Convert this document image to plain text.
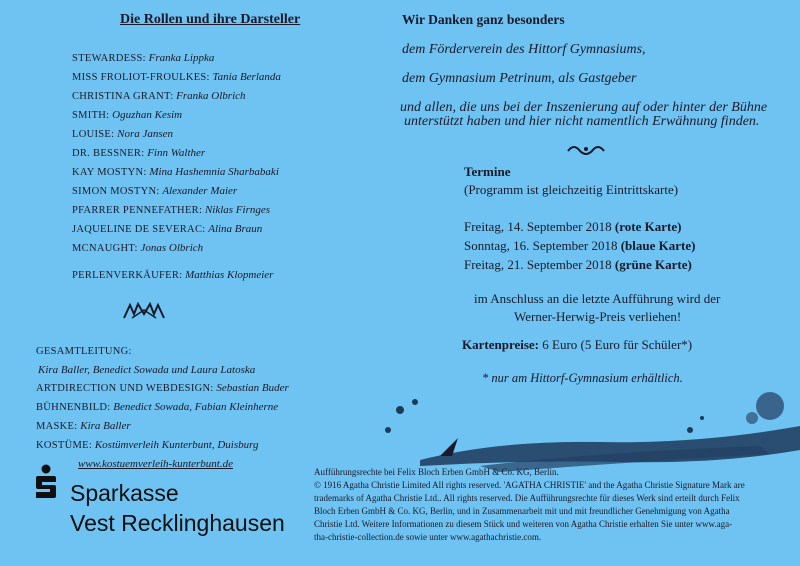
Die Rollen und ihre Darsteller
STEWARDESS: Franka Lippka
MISS FROLIOT-FROULKES: Tania Berlanda
CHRISTINA GRANT: Franka Olbrich
SMITH: Oguzhan Kesim
LOUISE: Nora Jansen
DR. BESSNER: Finn Walther
KAY MOSTYN: Mina Hashemnia Sharbabaki
SIMON MOSTYN: Alexander Maier
PFARRER PENNEFATHER: Niklas Firnges
JAQUELINE DE SEVERAC: Alina Braun
MCNAUGHT: Jonas Olbrich
PERLENVERKÄUFER: Matthias Klopmeier
GESAMTLEITUNG:
Kira Baller, Benedict Sowada und Laura Latoska
ARTDIRECTION UND WEBDESIGN: Sebastian Buder
BÜHNENBILD: Benedict Sowada, Fabian Kleinherne
MASKE: Kira Baller
KOSTÜME: Kostümverleih Kunterbunt, Duisburg
www.kostuemverleih-kunterbunt.de
Sparkasse
Vest Recklinghausen
Wir Danken ganz besonders
dem Förderverein des Hittorf Gymnasiums,
dem Gymnasium Petrinum, als Gastgeber
und allen, die uns bei der Inszenierung auf oder hinter der Bühne
unterstützt haben und hier nicht namentlich Erwähnung finden.
Termine
(Programm ist gleichzeitig Eintrittskarte)
Freitag, 14. September 2018 (rote Karte)
Sonntag, 16. September 2018 (blaue Karte)
Freitag, 21. September 2018 (grüne Karte)
im Anschluss an die letzte Aufführung wird der
Werner-Herwig-Preis verliehen!
Kartenpreise: 6 Euro (5 Euro für Schüler*)
* nur am Hittorf-Gymnasium erhältlich.
Aufführungsrechte bei Felix Bloch Erben GmbH & Co. KG, Berlin.
© 1916 Agatha Christie Limited All rights reserved. 'AGATHA CHRISTIE' and the Agatha Christie Signature Mark are
trademarks of Agatha Christie Ltd.. All rights reserved. Die Aufführungsrechte für dieses Werk sind erteilt durch Felix
Bloch Erben GmbH & Co. KG, Berlin, und in Zusammenarbeit mit und mit freundlicher Genehmigung von Agatha
Christie Ltd. Weitere Informationen zu diesem Stück und weiteren von Agatha Christie erhalten Sie unter www.aga-
tha-christie-collection.de sowie unter www.agathachristie.com.
